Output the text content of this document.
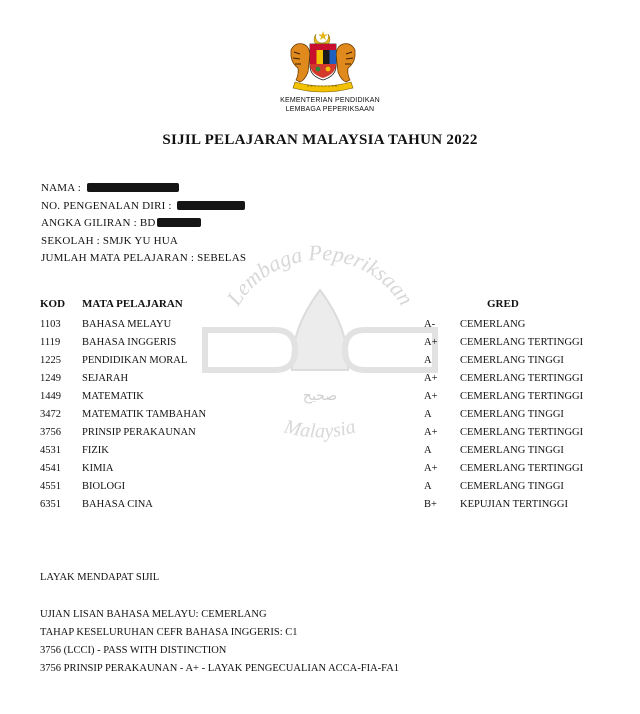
KEMENTERIAN PENDIDIKAN
LEMBAGA PEPERIKSAAN
SIJIL PELAJARAN MALAYSIA TAHUN 2022
NAMA :
NO. PENGENALAN DIRI :
ANGKA GILIRAN : BD
SEKOLAH : SMJK YU HUA
JUMLAH MATA PELAJARAN : SEBELAS
Lembaga Peperiksaan
Malaysia
صحيح
KOD MATA PELAJARAN	GRED
1103 BAHASA MELAYU	A- CEMERLANG
1119 BAHASA INGGERIS	A+ CEMERLANG TERTINGGI
1225 PENDIDIKAN MORAL	A	CEMERLANG TINGGI
1249 SEJARAH	A+ CEMERLANG TERTINGGI
1449 MATEMATIK	A+ CEMERLANG TERTINGGI
3472 MATEMATIK TAMBAHAN	A	CEMERLANG TINGGI
3756 PRINSIP PERAKAUNAN	A+ CEMERLANG TERTINGGI
4531 FIZIK	A	CEMERLANG TINGGI
4541 KIMIA	A+ CEMERLANG TERTINGGI
4551 BIOLOGI	A	CEMERLANG TINGGI
6351 BAHASA CINA	B+ KEPUJIAN TERTINGGI
LAYAK MENDAPAT SIJIL
UJIAN LISAN BAHASA MELAYU: CEMERLANG
TAHAP KESELURUHAN CEFR BAHASA INGGERIS: C1
3756 (LCCI) - PASS WITH DISTINCTION
3756 PRINSIP PERAKAUNAN - A+ - LAYAK PENGECUALIAN ACCA-FIA-FA1
